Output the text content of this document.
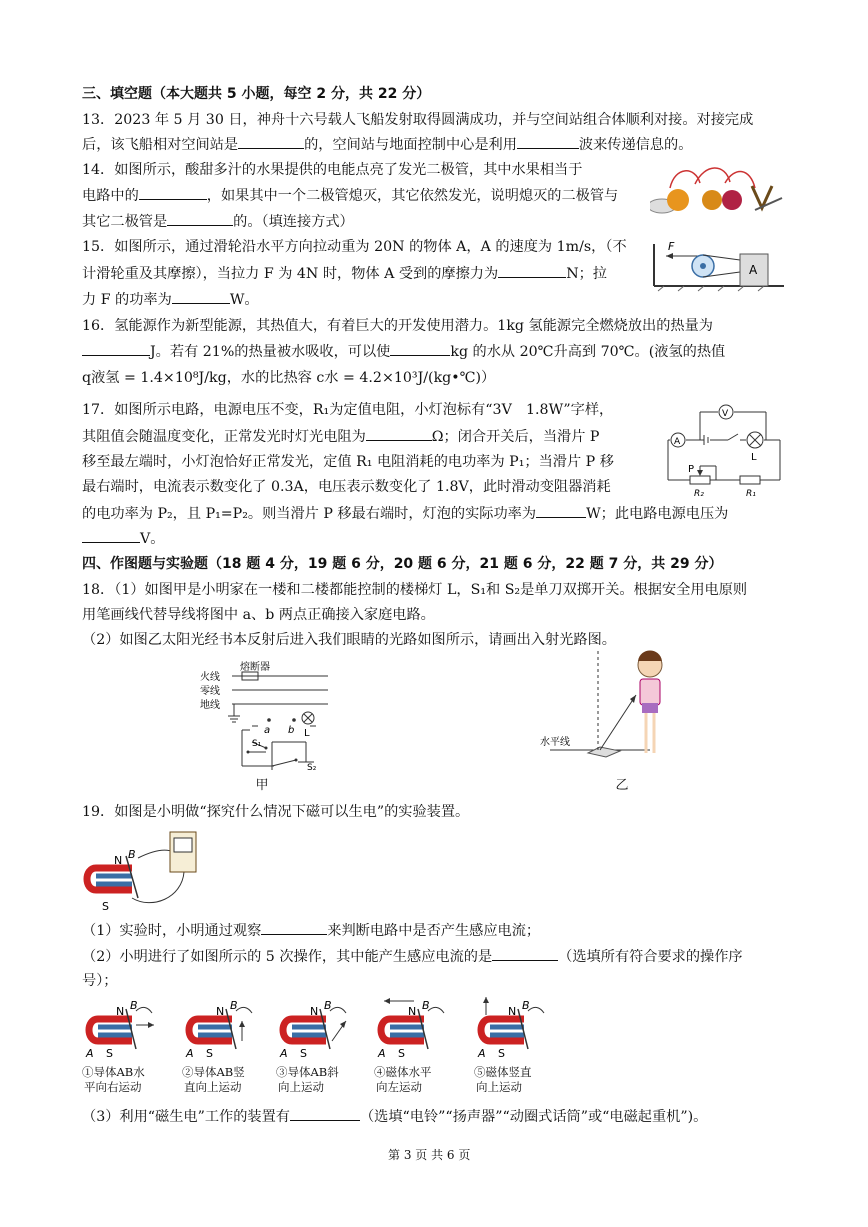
三、填空题（本大题共 5 小题，每空 2 分，共 22 分）
13．2023 年 5 月 30 日，神舟十六号载人飞船发射取得圆满成功，并与空间站组合体顺利对接。对接完成
后，该飞船相对空间站是	的，空间站与地面控制中心是利用	波来传递信息的。
14．如图所示，酸甜多汁的水果提供的电能点亮了发光二极管，其中水果相当于
电路中的	，如果其中一个二极管熄灭，其它依然发光，说明熄灭的二极管与
其它二极管是	的。（填连接方式）
15．如图所示，通过滑轮沿水平方向拉动重为 20N 的物体 A，A 的速度为 1m/s，（不
计滑轮重及其摩擦），当拉力 F 为 4N 时，物体 A 受到的摩擦力为	N；拉
力 F 的功率为	W。
F
A
16．氢能源作为新型能源，其热值大，有着巨大的开发使用潜力。1kg 氢能源完全燃烧放出的热量为
J。若有 21%的热量被水吸收，可以使	kg 的水从 20℃升高到 70℃。(液氢的热值
q液氢 = 1.4×10⁸J/kg，水的比热容 c水 = 4.2×10³J/(kg•℃)）
17．如图所示电路，电源电压不变，R₁为定值电阻，小灯泡标有“3V　1.8W”字样，
其阻值会随温度变化，正常发光时灯光电阻为	Ω；闭合开关后，当滑片 P
移至最左端时，小灯泡恰好正常发光，定值 R₁ 电阻消耗的电功率为 P₁；当滑片 P 移
最右端时，电流表示数变化了 0.3A，电压表示数变化了 1.8V，此时滑动变阻器消耗
的电功率为 P₂，且 P₁=P₂。则当滑片 P 移最右端时，灯泡的实际功率为	W；此电路电源电压为
V。
A
V
L
P
R₂	R₁
四、作图题与实验题（18 题 4 分，19 题 6 分，20 题 6 分，21 题 6 分，22 题 7 分，共 29 分）
18．（1）如图甲是小明家在一楼和二楼都能控制的楼梯灯 L，S₁和 S₂是单刀双掷开关。根据安全用电原则
用笔画线代替导线将图中 a、b 两点正确接入家庭电路。
（2）如图乙太阳光经书本反射后进入我们眼睛的光路如图所示，请画出入射光路图。
熔断器
火线
零线
地线
a b L
S₁
S₂
甲
水平线
乙
19．如图是小明做“探究什么情况下磁可以生电”的实验装置。
N B
S
（1）实验时，小明通过观察	来判断电路中是否产生感应电流；
（2）小明进行了如图所示的 5 次操作，其中能产生感应电流的是	（选填所有符合要求的操作序
号）；
N B
A S
①导体AB水
平向右运动
N B
A S
②导体AB竖
直向上运动
N B
A S
③导体AB斜
向上运动
N B
A S
④磁体水平
向左运动
N B
A S
⑤磁体竖直
向上运动
（3）利用“磁生电”工作的装置有	（选填“电铃”“扬声器”“动圈式话筒”或“电磁起重机”)。
第 3 页 共 6 页
